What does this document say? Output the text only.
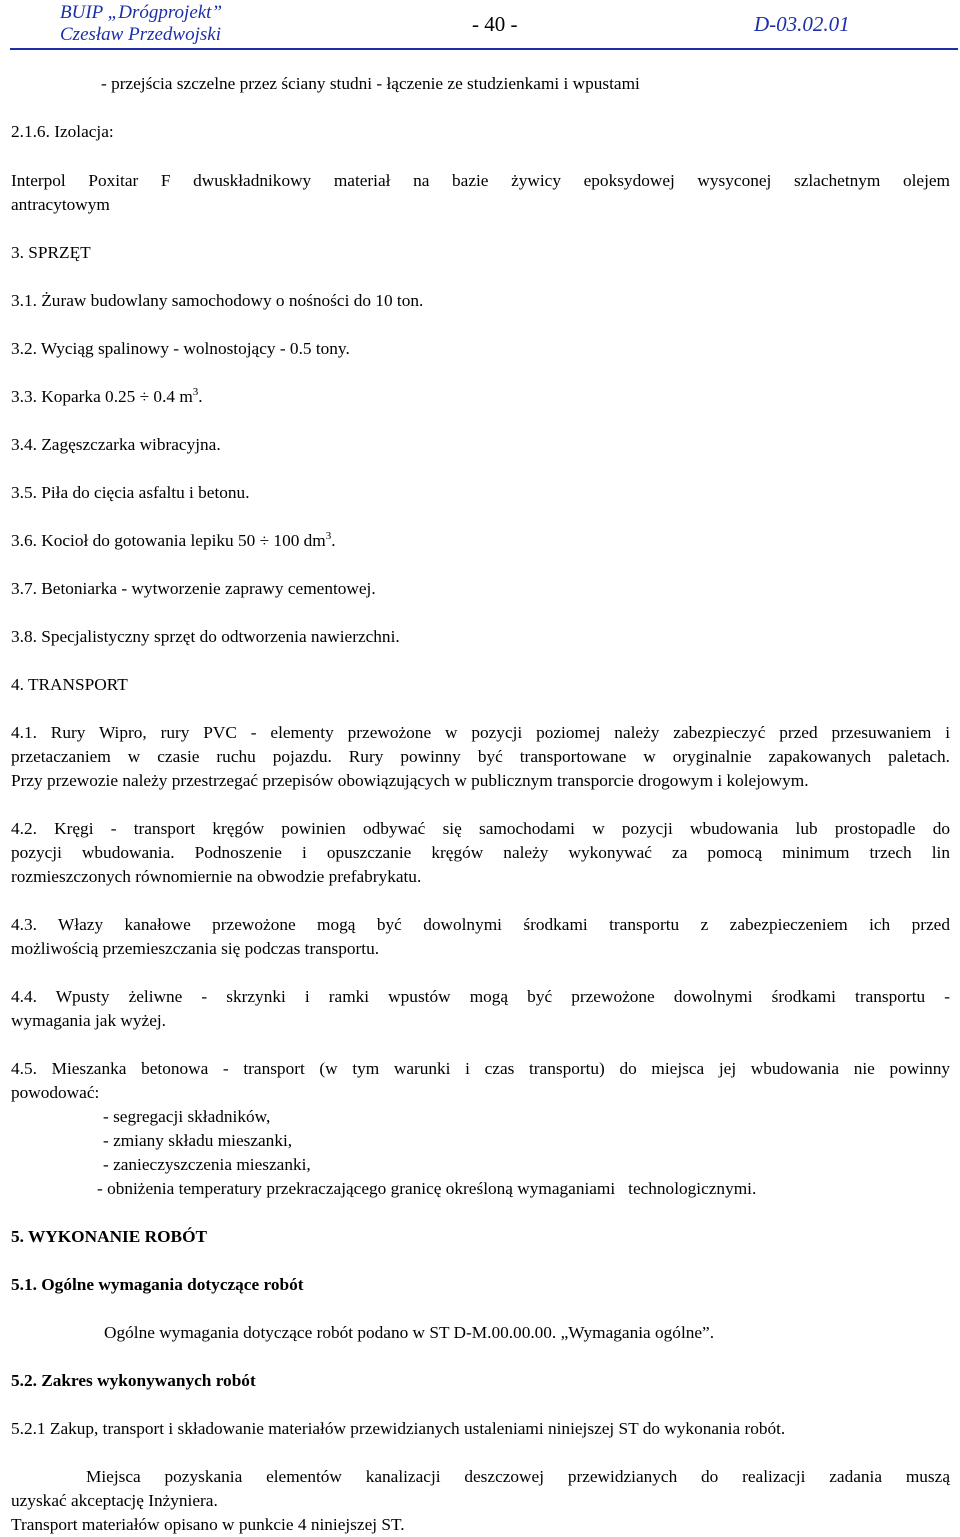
BUIP „Drógprojekt”
Czesław Przedwojski	- 40 -	D-03.02.01
- przejścia szczelne przez ściany studni - łączenie ze studzienkami i wpustami
2.1.6. Izolacja:
Interpol Poxitar F dwuskładnikowy materiał na bazie żywicy epoksydowej wysyconej szlachetnym olejem
antracytowym
3. SPRZĘT
3.1. Żuraw budowlany samochodowy o nośności do 10 ton.
3.2. Wyciąg spalinowy - wolnostojący - 0.5 tony.
3.3. Koparka 0.25 ÷ 0.4 $m^3$.
3.4. Zagęszczarka wibracyjna.
3.5. Piła do cięcia asfaltu i betonu.
3.6. Kocioł do gotowania lepiku 50 ÷ 100 $dm^3$.
3.7. Betoniarka - wytworzenie zaprawy cementowej.
3.8. Specjalistyczny sprzęt do odtworzenia nawierzchni.
4. TRANSPORT
4.1. Rury Wipro, rury PVC - elementy przewożone w pozycji poziomej należy zabezpieczyć przed przesuwaniem i
przetaczaniem w czasie ruchu pojazdu. Rury powinny być transportowane w oryginalnie zapakowanych paletach.
Przy przewozie należy przestrzegać przepisów obowiązujących w publicznym transporcie drogowym i kolejowym.
4.2. Kręgi - transport kręgów powinien odbywać się samochodami w pozycji wbudowania lub prostopadle do
pozycji wbudowania. Podnoszenie i opuszczanie kręgów należy wykonywać za pomocą minimum trzech lin
rozmieszczonych równomiernie na obwodzie prefabrykatu.
4.3. Włazy kanałowe przewożone mogą być dowolnymi środkami transportu z zabezpieczeniem ich przed
możliwością przemieszczania się podczas transportu.
4.4. Wpusty żeliwne - skrzynki i ramki wpustów mogą być przewożone dowolnymi środkami transportu -
wymagania jak wyżej.
4.5. Mieszanka betonowa - transport (w tym warunki i czas transportu) do miejsca jej wbudowania nie powinny
powodować:
- segregacji składników,
- zmiany składu mieszanki,
- zanieczyszczenia mieszanki,
- obniżenia temperatury przekraczającego granicę określoną wymaganiami   technologicznymi.
5. WYKONANIE ROBÓT
5.1. Ogólne wymagania dotyczące robót
Ogólne wymagania dotyczące robót podano w ST D-M.00.00.00. „Wymagania ogólne”.
5.2. Zakres wykonywanych robót
5.2.1 Zakup, transport i składowanie materiałów przewidzianych ustaleniami niniejszej ST do wykonania robót.
Miejsca pozyskania elementów kanalizacji deszczowej przewidzianych do realizacji zadania muszą
uzyskać akceptację Inżyniera.
Transport materiałów opisano w punkcie 4 niniejszej ST.
